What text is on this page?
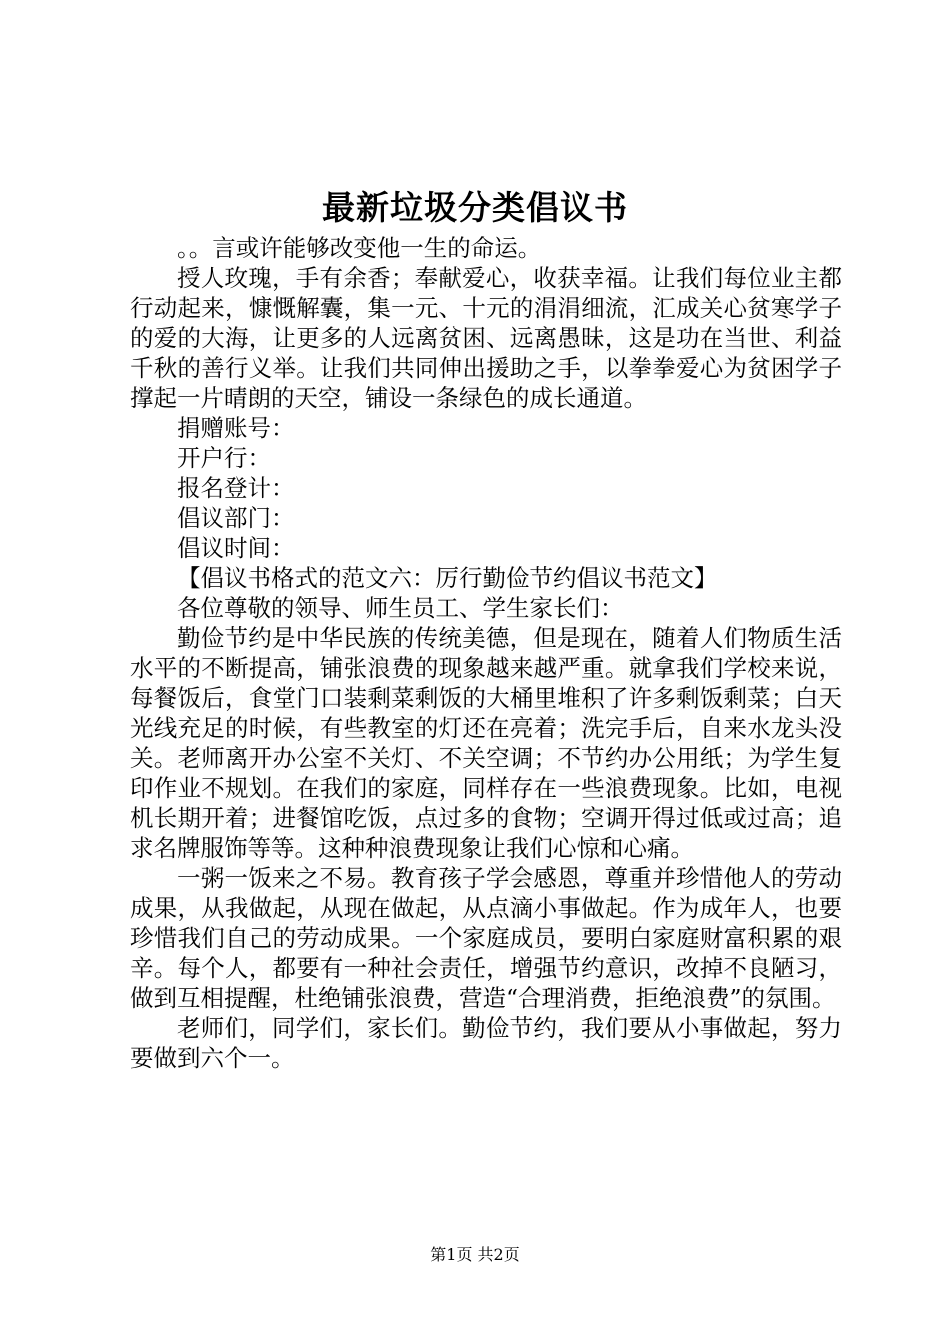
最新垃圾分类倡议书

。。言或许能够改变他一生的命运。

授人玫瑰，手有余香；奉献爱心，收获幸福。让我们每位业主都行动起来，慷慨解囊，集一元、十元的涓涓细流，汇成关心贫寒学子的爱的大海，让更多的人远离贫困、远离愚昧，这是功在当世、利益千秋的善行义举。让我们共同伸出援助之手，以拳拳爱心为贫困学子撑起一片晴朗的天空，铺设一条绿色的成长通道。

捐赠账号：

开户行：

报名登计：

倡议部门：

倡议时间：

【倡议书格式的范文六：厉行勤俭节约倡议书范文】

各位尊敬的领导、师生员工、学生家长们：

勤俭节约是中华民族的传统美德，但是现在，随着人们物质生活水平的不断提高，铺张浪费的现象越来越严重。就拿我们学校来说，每餐饭后，食堂门口装剩菜剩饭的大桶里堆积了许多剩饭剩菜；白天光线充足的时候，有些教室的灯还在亮着；洗完手后，自来水龙头没关。老师离开办公室不关灯、不关空调；不节约办公用纸；为学生复印作业不规划。在我们的家庭，同样存在一些浪费现象。比如，电视机长期开着；进餐馆吃饭，点过多的食物；空调开得过低或过高；追求名牌服饰等等。这种种浪费现象让我们心惊和心痛。

一粥一饭来之不易。教育孩子学会感恩，尊重并珍惜他人的劳动成果，从我做起，从现在做起，从点滴小事做起。作为成年人，也要珍惜我们自己的劳动成果。一个家庭成员，要明白家庭财富积累的艰辛。每个人，都要有一种社会责任，增强节约意识，改掉不良陋习，做到互相提醒，杜绝铺张浪费，营造“合理消费，拒绝浪费”的氛围。

老师们，同学们，家长们。勤俭节约，我们要从小事做起，努力要做到六个一。

第1页 共2页
